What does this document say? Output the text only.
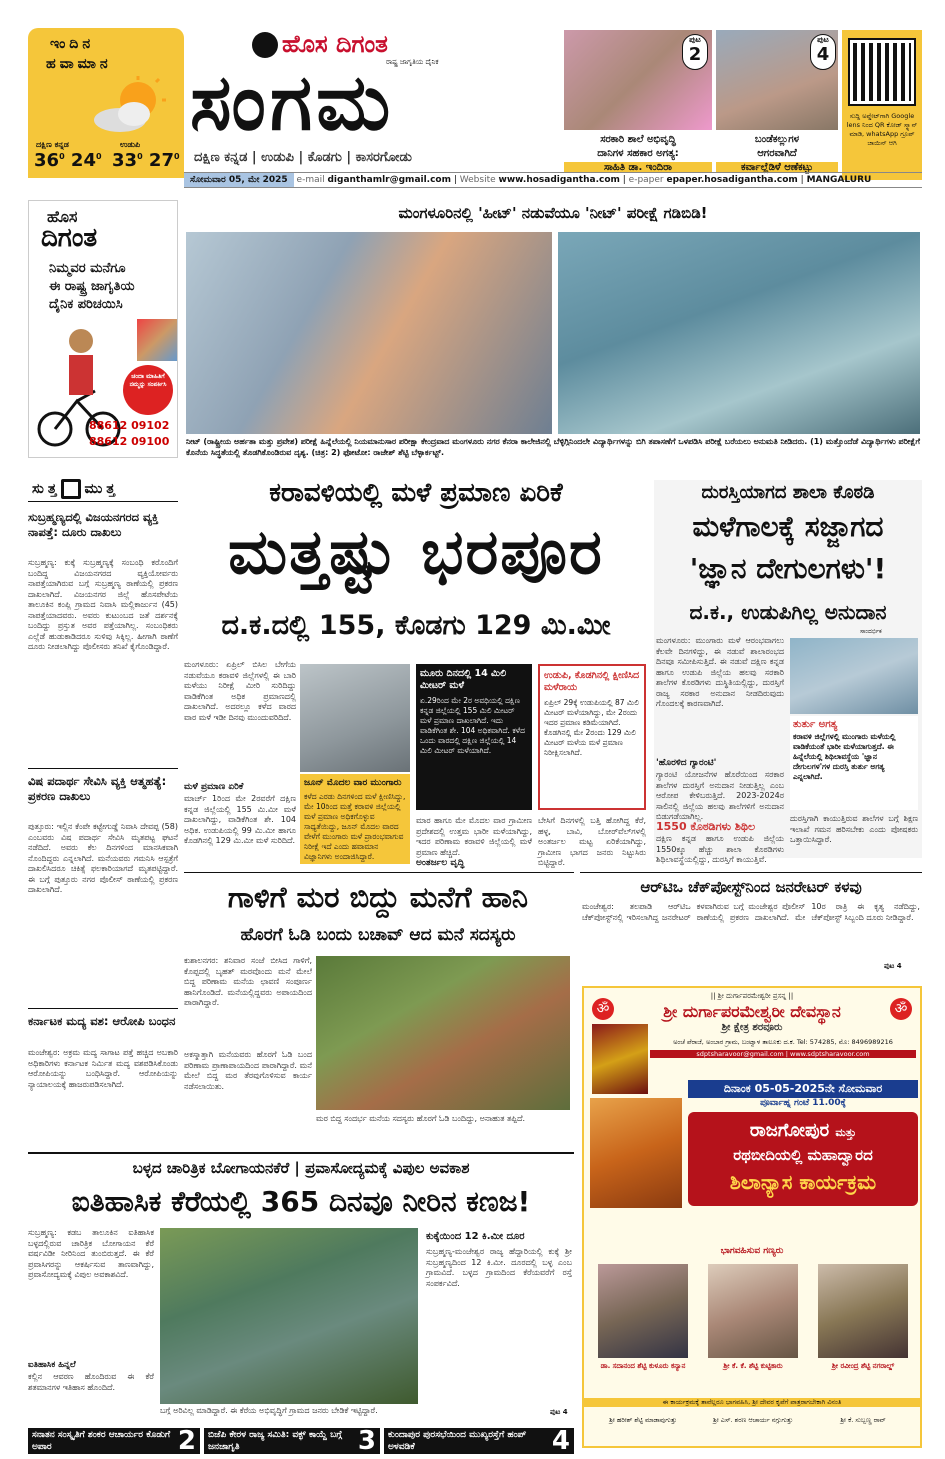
ಇಂದಿನ
ಹವಾಮಾನ
ದಕ್ಷಿಣ ಕನ್ನಡ
$36^0$ $24^0$
ಉಡುಪಿ
$33^0$ $27^0$
ಹೊಸ ದಿಗಂತ
ರಾಷ್ಟ್ರ ಜಾಗೃತಿಯ ದೈನಿಕ
ಸಂಗಮ
ದಕ್ಷಿಣ ಕನ್ನಡ | ಉಡುಪಿ | ಕೊಡಗು | ಕಾಸರಗೋಡು
ಪುಟ
2
ಸರಕಾರಿ ಶಾಲೆ ಅಭಿವೃದ್ಧಿ
ದಾನಿಗಳ ಸಹಕಾರ ಅಗತ್ಯ:
ಸಾಹಿತಿ ಡಾ. ಇಂದಿರಾ
ಪುಟ
4
ಬಂಡೆಕಲ್ಲುಗಳ
ಆಗರವಾಗಿದೆ
ಕರ್ವಾಲ್ಲೆಡಿಳೆ ಆಣೆಕಟ್ಟು
ಸುದ್ದಿ ಅಪ್ಡೇಟ್‌ಗಾಗಿ Google lens ನಿಂದ QR ಕೋಡ್ ಸ್ಕ್ಯಾನ್ ಮಾಡಿ, whatsApp ಗ್ರೂಪ್ ಜಾಯಿನ್ ಆಗಿ
ಸೋಮವಾರ 05, ಮೇ 2025 e-mail diganthamlr@gmail.com | Website www.hosadigantha.com | e-paper epaper.hosadigantha.com | MANGALURU
ಹೊಸ
ದಿಗಂತ
ನಿಮ್ಮವರ ಮನೆಗೂ
ಈ ರಾಷ್ಟ್ರ ಜಾಗೃತಿಯ
ದೈನಿಕ ಪರಿಚಯಿಸಿ
ಚಂದಾ ಮಾಹಿತಿಗೆ ನಮ್ಮನ್ನು ಸಂಪರ್ಕಿಸಿ
88612 09102
88612 09100
ಮಂಗಳೂರಿನಲ್ಲಿ 'ಹೀಟ್' ನಡುವೆಯೂ 'ನೀಟ್' ಪರೀಕ್ಷೆ ಗಡಿಬಿಡಿ!
ನೀಟ್ (ರಾಷ್ಟ್ರೀಯ ಅರ್ಹತಾ ಮತ್ತು ಪ್ರವೇಶ) ಪರೀಕ್ಷೆ ಹಿನ್ನೆಲೆಯಲ್ಲಿ ನಿಯಮಾನುಸಾರ ಪರೀಕ್ಷಾ ಕೇಂದ್ರವಾದ ಮಂಗಳೂರು ನಗರ ಕೆನರಾ ಕಾಲೇಜಿನಲ್ಲಿ ಬೆಳ್ಳಿಗ್ಗಿನಿಂದಲೇ ವಿದ್ಯಾರ್ಥಿಗಳನ್ನು ಬಿಗಿ ತಪಾಸಣೆಗೆ ಒಳಪಡಿಸಿ ಪರೀಕ್ಷೆ ಬರೆಯಲು ಅನುಮತಿ ನೀಡಿದರು. (1) ಮತ್ತೊಂದೆಡೆ ವಿದ್ಯಾರ್ಥಿಗಳು ಪರೀಕ್ಷೆಗೆ ಕೊನೆಯ ಸಿದ್ಧತೆಯಲ್ಲಿ ತೊಡಗಿಕೊಂಡಿರುವ ದೃಶ್ಯ. (ಚಿತ್ರ: 2) ಫೋಟೋ: ರಾಜೇಶ್ ಶೆಟ್ಟಿ ಬೆಳ್ಳಾರ್ಕಟ್ಟ್.
ಸು ತ್ತ ಮು ತ್ತ
ಸುಬ್ರಹ್ಮಣ್ಯದಲ್ಲಿ ವಿಜಯನಗರದ ವ್ಯಕ್ತಿ ನಾಪತ್ತೆ: ದೂರು ದಾಖಲು
ಸುಬ್ರಹ್ಮಣ್ಯ: ಕುಕ್ಕೆ ಸುಬ್ರಹ್ಮಣ್ಯಕ್ಕೆ ಸಂಬಂಧಿ ಕರೊಂದಿಗೆ ಬಂದಿದ್ದ ವಿಜಯನಗರದ ವ್ಯಕ್ತಿಯೋರ್ವರು ನಾಪತ್ತೆಯಾಗಿರುವ ಬಗ್ಗೆ ಸುಬ್ರಹ್ಮಣ್ಯ ಠಾಣೆಯಲ್ಲಿ ಪ್ರಕರಣ ದಾಖಲಾಗಿದೆ. ವಿಜಯನಗರ ಜಿಲ್ಲೆ ಹೊಸಪೇಟೆಯ ತಾಲೂಕಿನ ಕಂಪ್ಲಿ ಗ್ರಾಮದ ನಿವಾಸಿ ಮಲ್ಲಿಕಾರ್ಜುನ (45) ನಾಪತ್ತೆಯಾದವರು. ಅವರು ಕುಟುಂಬದ ಜತೆ ದರ್ಶನಕ್ಕೆ ಬಂದಿದ್ದು ಪ್ರಸ್ತುತ ಅವರ ಪತ್ತೆಯಾಗಿಲ್ಲ. ಸಂಬಂಧಿಕರು ಎಲ್ಲೆಡೆ ಹುಡುಕಾಡಿದರೂ ಸುಳಿವು ಸಿಕ್ಕಿಲ್ಲ. ಹೀಗಾಗಿ ಠಾಣೆಗೆ ದೂರು ನೀಡಲಾಗಿದ್ದು ಪೊಲೀಸರು ತನಿಖೆ ಕೈಗೊಂಡಿದ್ದಾರೆ.
ವಿಷ ಪದಾರ್ಥ ಸೇವಿಸಿ ವ್ಯಕ್ತಿ ಆತ್ಮಹತ್ಯೆ: ಪ್ರಕರಣ ದಾಖಲು
ಪುತ್ತೂರು: ಇಲ್ಲಿನ ಕೆಂಪೇ ಕಟ್ಟೇಗುಡ್ಡೆ ನಿವಾಸಿ ದೇವಪ್ಪ (58) ಎಂಬವರು ವಿಷ ಪದಾರ್ಥ ಸೇವಿಸಿ ಮೃತಪಟ್ಟ ಘಟನೆ ನಡೆದಿದೆ. ಅವರು ಕೆಲ ದಿನಗಳಿಂದ ಮಾನಸಿಕವಾಗಿ ನೊಂದಿದ್ದರು ಎನ್ನಲಾಗಿದೆ. ಮನೆಯವರು ಗಮನಿಸಿ ಆಸ್ಪತ್ರೆಗೆ ದಾಖಲಿಸಿದರೂ ಚಿಕಿತ್ಸೆ ಫಲಕಾರಿಯಾಗದೆ ಮೃತಪಟ್ಟಿದ್ದಾರೆ. ಈ ಬಗ್ಗೆ ಪುತ್ತೂರು ನಗರ ಪೊಲೀಸ್ ಠಾಣೆಯಲ್ಲಿ ಪ್ರಕರಣ ದಾಖಲಾಗಿದೆ.
ಕರ್ನಾಟಕ ಮದ್ಯ ವಶ: ಆರೋಪಿ ಬಂಧನ
ಮಂಜೇಶ್ವರ: ಅಕ್ರಮ ಮದ್ಯ ಸಾಗಾಟ ಪತ್ತೆ ಹಚ್ಚಿದ ಅಬಕಾರಿ ಅಧಿಕಾರಿಗಳು ಕರ್ನಾಟಕ ನಿರ್ಮಿತ ಮದ್ಯ ವಶಪಡಿಸಿಕೊಂಡು ಆರೋಪಿಯನ್ನು ಬಂಧಿಸಿದ್ದಾರೆ. ಆರೋಪಿಯನ್ನು ನ್ಯಾಯಾಲಯಕ್ಕೆ ಹಾಜರುಪಡಿಸಲಾಗಿದೆ.
ಕರಾವಳಿಯಲ್ಲಿ ಮಳೆ ಪ್ರಮಾಣ ಏರಿಕೆ
ಮತ್ತಷ್ಟು ಭರಪೂರ
ದ.ಕ.ದಲ್ಲಿ 155, ಕೊಡಗು 129 ಮಿ.ಮೀ
ಮಂಗಳೂರು: ಏಪ್ರಿಲ್ ಬಿಸಿಲ ಬೇಗೆಯ ನಡುವೆಯೂ ಕರಾವಳಿ ಜಿಲ್ಲೆಗಳಲ್ಲಿ ಈ ಬಾರಿ ಮಳೆಯು ನಿರೀಕ್ಷೆ ಮೀರಿ ಸುರಿದಿದ್ದು ವಾಡಿಕೆಗಿಂತ ಅಧಿಕ ಪ್ರಮಾಣದಲ್ಲಿ ದಾಖಲಾಗಿದೆ. ಅದರಲ್ಲೂ ಕಳೆದ ವಾರದ ವಾರ ಮಳೆ ಇಡೀ ದಿನವು ಮುಂದುವರಿದಿದೆ.
ಮಳೆ ಪ್ರಮಾಣ ಏರಿಕೆ
ಮಾರ್ಚ್ 1ರಿಂದ ಮೇ 2ರವರೆಗೆ ದಕ್ಷಿಣ ಕನ್ನಡ ಜಿಲ್ಲೆಯಲ್ಲಿ 155 ಮಿ.ಮೀ ಮಳೆ ದಾಖಲಾಗಿದ್ದು, ವಾಡಿಕೆಗಿಂತ ಶೇ. 104 ಅಧಿಕ. ಉಡುಪಿಯಲ್ಲಿ 99 ಮಿ.ಮೀ ಹಾಗೂ ಕೊಡಗಿನಲ್ಲಿ 129 ಮಿ.ಮೀ ಮಳೆ ಸುರಿದಿದೆ.
ಜೂನ್ ಮೊದಲ ವಾರ ಮುಂಗಾರು
ಕಳೆದ ಎರಡು ದಿನಗಳಿಂದ ಮಳೆ ಕ್ಷೀಣಿಸಿದ್ದು, ಮೇ 10ರಿಂದ ಮತ್ತೆ ಕರಾವಳಿ ಜಿಲ್ಲೆಯಲ್ಲಿ ಮಳೆ ಪ್ರಮಾಣ ಅಧಿಕಗೊಳ್ಳುವ ಸಾಧ್ಯತೆಯಿದ್ದು, ಜೂನ್ ಮೊದಲ ವಾರದ ವೇಳೆಗೆ ಮುಂಗಾರು ಮಳೆ ಪ್ರಾರಂಭವಾಗುವ ನಿರೀಕ್ಷೆ ಇದೆ ಎಂದು ಹವಾಮಾನ ವಿಜ್ಞಾನಿಗಳು ಅಂದಾಜಿಸಿದ್ದಾರೆ.
ಮೂರು ದಿನದಲ್ಲಿ 14 ಮಿಲಿ ಮೀಟರ್ ಮಳೆ
ಏ.29ರಿಂದ ಮೇ 2ರ ಅವಧಿಯಲ್ಲಿ ದಕ್ಷಿಣ ಕನ್ನಡ ಜಿಲ್ಲೆಯಲ್ಲಿ 155 ಮಿಲಿ ಮೀಟರ್ ಮಳೆ ಪ್ರಮಾಣ ದಾಖಲಾಗಿದೆ. ಇದು ವಾಡಿಕೆಗಿಂತ ಶೇ. 104 ಅಧಿಕವಾಗಿದೆ. ಕಳೆದ ಒಂದು ವಾರದಲ್ಲಿ ದಕ್ಷಿಣ ಜಿಲ್ಲೆಯಲ್ಲಿ 14 ಮಿಲಿ ಮೀಟರ್ ಮಳೆಯಾಗಿದೆ.
ಉಡುಪಿ, ಕೊಡಗಿನಲ್ಲಿ ಕ್ಷೀಣಿಸಿದ ಮಳೆರಾಯ
ಏಪ್ರಿಲ್ 29ಕ್ಕೆ ಉಡುಪಿಯಲ್ಲಿ 87 ಮಿಲಿ ಮೀಟರ್ ಮಳೆಯಾಗಿದ್ದು, ಮೇ 2ರಂದು ಇದರ ಪ್ರಮಾಣ ಕಡಿಮೆಯಾಗಿದೆ. ಕೊಡಗಿನಲ್ಲಿ ಮೇ 2ರಂದು 129 ಮಿಲಿ ಮೀಟರ್ ಮಳೆಯ ಮಳೆ ಪ್ರಮಾಣ ನಿರೀಕ್ಷಿಸಲಾಗಿದೆ.
ಮಾರ ಹಾಗೂ ಮೇ ಮೊದಲ ವಾರ ಗ್ರಾಮೀಣ ಪ್ರದೇಶದಲ್ಲಿ ಉತ್ತಮ ಭಾರೀ ಮಳೆಯಾಗಿದ್ದು, ಇದರ ಪರಿಣಾಮ ಕರಾವಳಿ ಜಿಲ್ಲೆಯಲ್ಲಿ ಮಳೆ ಪ್ರಮಾಣ ಹೆಚ್ಚಿದೆ.
ಅಂತರ್ಜಲ ವೃದ್ಧಿ
ಬೇಸಿಗೆ ದಿನಗಳಲ್ಲಿ ಬತ್ತಿ ಹೋಗಿದ್ದ ಕೆರೆ, ಹಳ್ಳ, ಬಾವಿ, ಬೋರ್‌ವೆಲ್‌ಗಳಲ್ಲಿ ಅಂತರ್ಜಲ ಮಟ್ಟ ಏರಿಕೆಯಾಗಿದ್ದು, ಗ್ರಾಮೀಣ ಭಾಗದ ಜನರು ನಿಟ್ಟುಸಿರು ಬಿಟ್ಟಿದ್ದಾರೆ.
ದುರಸ್ತಿಯಾಗದ ಶಾಲಾ ಕೊಠಡಿ
ಮಳೆಗಾಲಕ್ಕೆ ಸಜ್ಜಾಗದ
'ಜ್ಞಾನ ದೇಗುಲಗಳು'!
ದ.ಕ., ಉಡುಪಿಗಿಲ್ಲ ಅನುದಾನ
ಸಾಂದರ್ಭಿಕ
ಮಂಗಳೂರು: ಮುಂಗಾರು ಮಳೆ ಆರಂಭವಾಗಲು ಕೆಲವೇ ದಿನಗಳಿದ್ದು, ಈ ನಡುವೆ ಶಾಲಾರಂಭದ ದಿನವೂ ಸಮೀಪಿಸುತ್ತಿದೆ. ಈ ನಡುವೆ ದಕ್ಷಿಣ ಕನ್ನಡ ಹಾಗೂ ಉಡುಪಿ ಜಿಲ್ಲೆಯ ಹಲವು ಸರಕಾರಿ ಶಾಲೆಗಳ ಕೊಠಡಿಗಳು ದುಸ್ಥಿತಿಯಲ್ಲಿದ್ದು, ದುರಸ್ತಿಗೆ ರಾಜ್ಯ ಸರಕಾರ ಅನುದಾನ ನೀಡದಿರುವುದು ಗೊಂದಲಕ್ಕೆ ಕಾರಣವಾಗಿದೆ.
ತುರ್ತು ಅಗತ್ಯ
ಕರಾವಳಿ ಜಿಲ್ಲೆಗಳಲ್ಲಿ ಮುಂಗಾರು ಮಳೆಯಲ್ಲಿ ವಾಡಿಕೆಯಂತೆ ಭಾರೀ ಮಳೆಯಾಗುತ್ತದೆ. ಈ ಹಿನ್ನೆಲೆಯಲ್ಲಿ ಶಿಥಿಲಾವಸ್ಥೆಯ 'ಜ್ಞಾನ ದೇಗುಲಗಳ'ಗಳ ದುರಸ್ತಿ ತುರ್ತು ಅಗತ್ಯ ಎನ್ನಲಾಗಿದೆ.
'ಹೊರಳಿದ ಗ್ಯಾರಂಟಿ'
ಗ್ಯಾರಂಟಿ ಯೋಜನೆಗಳ ಹೊರೆಯಿಂದ ಸರಕಾರ ಶಾಲೆಗಳ ದುರಸ್ತಿಗೆ ಅನುದಾನ ನೀಡುತ್ತಿಲ್ಲ ಎಂಬ ಆರೋಪ ಕೇಳಿಬರುತ್ತಿದೆ. 2023-2024ರ ಸಾಲಿನಲ್ಲಿ ಜಿಲ್ಲೆಯ ಹಲವು ಶಾಲೆಗಳಿಗೆ ಅನುದಾನ ಬಿಡುಗಡೆಯಾಗಿಲ್ಲ.
1550 ಕೊಠಡಿಗಳು ಶಿಥಿಲ
ದಕ್ಷಿಣ ಕನ್ನಡ ಹಾಗೂ ಉಡುಪಿ ಜಿಲ್ಲೆಯ 1550ಕ್ಕೂ ಹೆಚ್ಚು ಶಾಲಾ ಕೊಠಡಿಗಳು ಶಿಥಿಲಾವಸ್ಥೆಯಲ್ಲಿದ್ದು, ದುರಸ್ತಿಗೆ ಕಾಯುತ್ತಿವೆ.
ದುರಸ್ತಿಗಾಗಿ ಕಾಯುತ್ತಿರುವ ಶಾಲೆಗಳ ಬಗ್ಗೆ ಶಿಕ್ಷಣ ಇಲಾಖೆ ಗಮನ ಹರಿಸಬೇಕು ಎಂದು ಪೋಷಕರು ಒತ್ತಾಯಿಸಿದ್ದಾರೆ.
ಗಾಳಿಗೆ ಮರ ಬಿದ್ದು ಮನೆಗೆ ಹಾನಿ
ಹೊರಗೆ ಓಡಿ ಬಂದು ಬಚಾವ್ ಆದ ಮನೆ ಸದಸ್ಯರು
ಕುಶಾಲನಗರ: ಶನಿವಾರ ಸಂಜೆ ಬೀಸಿದ ಗಾಳಿಗೆ, ಕೊಪ್ಪದಲ್ಲಿ ಬೃಹತ್ ಮರವೊಂದು ಮನೆ ಮೇಲೆ ಬಿದ್ದ ಪರಿಣಾಮ ಮನೆಯ ಛಾವಣಿ ಸಂಪೂರ್ಣ ಹಾನಿಗೊಂಡಿದೆ. ಮನೆಯಲ್ಲಿದ್ದವರು ಅಪಾಯದಿಂದ ಪಾರಾಗಿದ್ದಾರೆ.
ಅಕಸ್ಮಾತ್ತಾಗಿ ಮನೆಯವರು ಹೊರಗೆ ಓಡಿ ಬಂದ ಪರಿಣಾಮ ಪ್ರಾಣಾಪಾಯದಿಂದ ಪಾರಾಗಿದ್ದಾರೆ. ಮನೆ ಮೇಲೆ ಬಿದ್ದ ಮರ ತೆರವುಗೊಳಿಸುವ ಕಾರ್ಯ ನಡೆಸಲಾಯಿತು.
ಮರ ಬಿದ್ದ ಸಂದರ್ಭ ಮನೆಯ ಸದಸ್ಯರು ಹೊರಗೆ ಓಡಿ ಬಂದಿದ್ದು, ಅನಾಹುತ ತಪ್ಪಿದೆ.
ಆರ್‌ಟಿಒ ಚೆಕ್‌ಪೋಸ್ಟ್‌ನಿಂದ ಜನರೇಟರ್ ಕಳವು
ಮಂಜೇಶ್ವರ: ತಲಪಾಡಿ ಆರ್‌ಟಿಒ ಚೆಕ್‌ಪೋಸ್ಟ್‌ನಲ್ಲಿ ಇರಿಸಲಾಗಿದ್ದ ಜನರೇಟರ್ ಕಳವಾಗಿರುವ ಬಗ್ಗೆ ಮಂಜೇಶ್ವರ ಪೊಲೀಸ್ ಠಾಣೆಯಲ್ಲಿ ಪ್ರಕರಣ ದಾಖಲಾಗಿದೆ. ಮೇ 10ರ ರಾತ್ರಿ ಈ ಕೃತ್ಯ ನಡೆದಿದ್ದು, ಚೆಕ್‌ಪೋಸ್ಟ್ ಸಿಬ್ಬಂದಿ ದೂರು ನೀಡಿದ್ದಾರೆ.
ಪುಟ 4
|| ಶ್ರೀ ದುರ್ಗಾಪರಮೇಶ್ವರೀ ಪ್ರಸನ್ನ ||
ॐ	ॐ
ಶ್ರೀ ದುರ್ಗಾಪರಮೇಶ್ವರೀ ದೇವಸ್ಥಾನ
ಶ್ರೀ ಕ್ಷೇತ್ರ ಶರವೂರು
ಅಂಚೆ ಪೆರಾಜೆ, ಅಂಬಾರ ಗ್ರಾಮ, ಬಂಟ್ವಾಳ ತಾಲೂಕು ದ.ಕ. Tel: 574285, ಮೊ: 8496989216
sdptsharavoor@gmail.com | www.sdptsharavoor.com
ದಿನಾಂಕ 05-05-2025ನೇ ಸೋಮವಾರ
ಪೂರ್ವಾಹ್ನ ಗಂಟೆ 11.00ಕ್ಕೆ
ರಾಜಗೋಪುರ ಮತ್ತು
ರಥಬೀದಿಯಲ್ಲಿ ಮಹಾದ್ವಾರದ
ಶಿಲಾನ್ಯಾಸ ಕಾರ್ಯಕ್ರಮ
ಭಾಗವಹಿಸುವ ಗಣ್ಯರು
ಡಾ. ಸದಾನಂದ ಶೆಟ್ಟಿ ಕುಳೂರು ಕನ್ಯಾನ	ಶ್ರೀ ಕೆ. ಕೆ. ಶೆಟ್ಟಿ ಕುಟ್ಟಿಕಾರು	ಶ್ರೀ ರವೀಂದ್ರ ಶೆಟ್ಟಿ ನಗರಾಲ್ಡ್
ಈ ಕಾರ್ಯಕ್ರಮಕ್ಕೆ ತಾವೆಲ್ಲರೂ ಭಾಗವಹಿಸಿ, ಶ್ರೀ ದೇವರ ಕೃಪೆಗೆ ಪಾತ್ರರಾಗಬೇಕಾಗಿ ವಿನಂತಿ
ಶ್ರೀ ಹರೀಶ್ ಶೆಟ್ಟಿ ಮಾಡಾವುಗುತ್ತು	ಶ್ರೀ ಎಸ್. ಶರಣ ಆಚಾರ್ಯ ನಗ್ಗುಗುತ್ತು	ಶ್ರೀ ಕೆ. ಸುಬ್ಬಣ್ಣ ರಾವ್
ಬಳ್ಳದ ಚಾರಿತ್ರಿಕ ಬೋಗಾಯನಕೆರೆ | ಪ್ರವಾಸೋದ್ಯಮಕ್ಕೆ ವಿಪುಲ ಅವಕಾಶ
ಐತಿಹಾಸಿಕ ಕೆರೆಯಲ್ಲಿ 365 ದಿನವೂ ನೀರಿನ ಕಣಜ!
ಸುಬ್ರಹ್ಮಣ್ಯ: ಕಡಬ ತಾಲೂಕಿನ ಐತಿಹಾಸಿಕ ಬಳ್ಳದಲ್ಲಿರುವ ಚಾರಿತ್ರಿಕ ಬೋಗಾಯನ ಕೆರೆ ವರ್ಷವಿಡೀ ನೀರಿನಿಂದ ತುಂಬಿರುತ್ತದೆ. ಈ ಕೆರೆ ಪ್ರವಾಸಿಗರನ್ನು ಆಕರ್ಷಿಸುವ ತಾಣವಾಗಿದ್ದು, ಪ್ರವಾಸೋದ್ಯಮಕ್ಕೆ ವಿಪುಲ ಅವಕಾಶವಿದೆ.
ಐತಿಹಾಸಿಕ ಹಿನ್ನಲೆ
ಕಲ್ಲಿನ ಆವರಣ ಹೊಂದಿರುವ ಈ ಕೆರೆ ಶತಮಾನಗಳ ಇತಿಹಾಸ ಹೊಂದಿದೆ.
ಕುಕ್ಕೆಯಿಂದ 12 ಕಿ.ಮೀ ದೂರ
ಸುಬ್ರಹ್ಮಣ್ಯ-ಮಂಜೇಶ್ವರ ರಾಜ್ಯ ಹೆದ್ದಾರಿಯಲ್ಲಿ ಕುಕ್ಕೆ ಶ್ರೀ ಸುಬ್ರಹ್ಮಣ್ಯದಿಂದ 12 ಕಿ.ಮೀ. ದೂರದಲ್ಲಿ ಬಳ್ಳ ಎಂಬ ಗ್ರಾಮವಿದೆ. ಬಳ್ಳದ ಗ್ರಾಮದಿಂದ ಕೆರೆಯವರೆಗೆ ರಸ್ತೆ ಸಂಪರ್ಕವಿದೆ.
ಬಗ್ಗೆ ಅರಿವಿಲ್ಲ ಮಾಡಿದ್ದಾರೆ. ಈ ಕೆರೆಯ ಅಭಿವೃದ್ಧಿಗೆ ಗ್ರಾಮದ ಜನರು ಬೇಡಿಕೆ ಇಟ್ಟಿದ್ದಾರೆ.	ಪುಟ 4
ಸನಾತನ ಸಂಸ್ಕೃತಿಗೆ ಶಂಕರ ಆಚಾರ್ಯರ ಕೊಡುಗೆ ಅಪಾರ	2 ಬಿಜೆಪಿ ಕೇರಳ ರಾಜ್ಯ ಸಮಿತಿ: ವಕ್ಫ್ ಕಾಯ್ದೆ ಬಗ್ಗೆ ಜನಜಾಗೃತಿ	3 ಕುಂದಾಪುರ ಪುರಸಭೆಯಿಂದ ಮುಖ್ಯರಸ್ತೆಗೆ ಹಂಪ್ ಅಳವಡಿಕೆ	4
